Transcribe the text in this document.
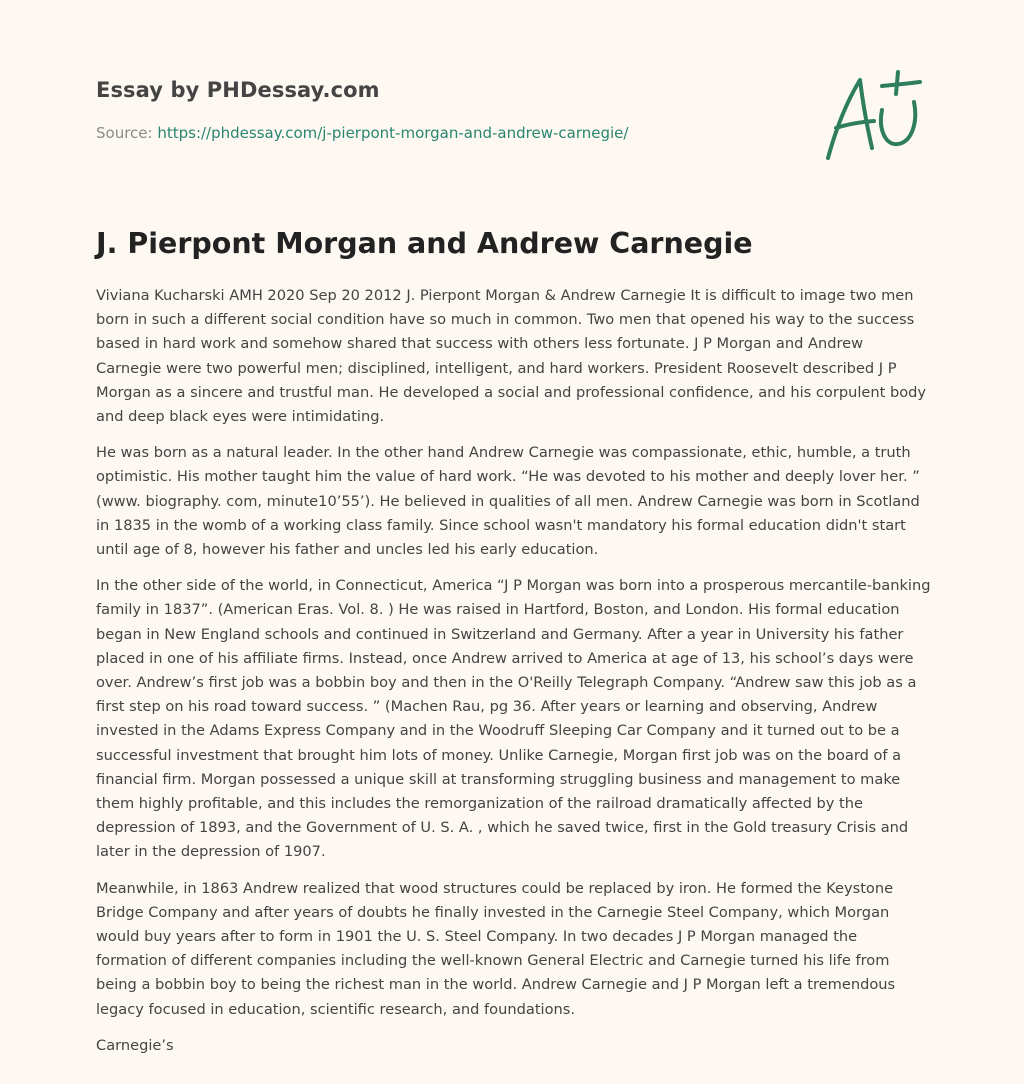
Essay by PHDessay.com
Source: https://phdessay.com/j-pierpont-morgan-and-andrew-carnegie/
J. Pierpont Morgan and Andrew Carnegie

Viviana Kucharski AMH 2020 Sep 20 2012 J. Pierpont Morgan & Andrew Carnegie It is difficult to image two men born in such a different social condition have so much in common. Two men that opened his way to the success based in hard work and somehow shared that success with others less fortunate. J P Morgan and Andrew Carnegie were two powerful men; disciplined, intelligent, and hard workers. President Roosevelt described J P Morgan as a sincere and trustful man. He developed a social and professional confidence, and his corpulent body and deep black eyes were intimidating.

He was born as a natural leader. In the other hand Andrew Carnegie was compassionate, ethic, humble, a truth optimistic. His mother taught him the value of hard work. “He was devoted to his mother and deeply lover her. ” (www. biography. com, minute10’55’). He believed in qualities of all men. Andrew Carnegie was born in Scotland in 1835 in the womb of a working class family. Since school wasn't mandatory his formal education didn't start until age of 8, however his father and uncles led his early education.

In the other side of the world, in Connecticut, America “J P Morgan was born into a prosperous mercantile-banking family in 1837”. (American Eras. Vol. 8. ) He was raised in Hartford, Boston, and London. His formal education began in New England schools and continued in Switzerland and Germany. After a year in University his father placed in one of his affiliate firms. Instead, once Andrew arrived to America at age of 13, his school’s days were over. Andrew’s first job was a bobbin boy and then in the O'Reilly Telegraph Company. “Andrew saw this job as a first step on his road toward success. ” (Machen Rau, pg 36. After years or learning and observing, Andrew invested in the Adams Express Company and in the Woodruff Sleeping Car Company and it turned out to be a successful investment that brought him lots of money. Unlike Carnegie, Morgan first job was on the board of a financial firm. Morgan possessed a unique skill at transforming struggling business and management to make them highly profitable, and this includes the remorganization of the railroad dramatically affected by the depression of 1893, and the Government of U. S. A. , which he saved twice, first in the Gold treasury Crisis and later in the depression of 1907.

Meanwhile, in 1863 Andrew realized that wood structures could be replaced by iron. He formed the Keystone Bridge Company and after years of doubts he finally invested in the Carnegie Steel Company, which Morgan would buy years after to form in 1901 the U. S. Steel Company. In two decades J P Morgan managed the formation of different companies including the well-known General Electric and Carnegie turned his life from being a bobbin boy to being the richest man in the world. Andrew Carnegie and J P Morgan left a tremendous legacy focused in education, scientific research, and foundations.

Carnegie’s
